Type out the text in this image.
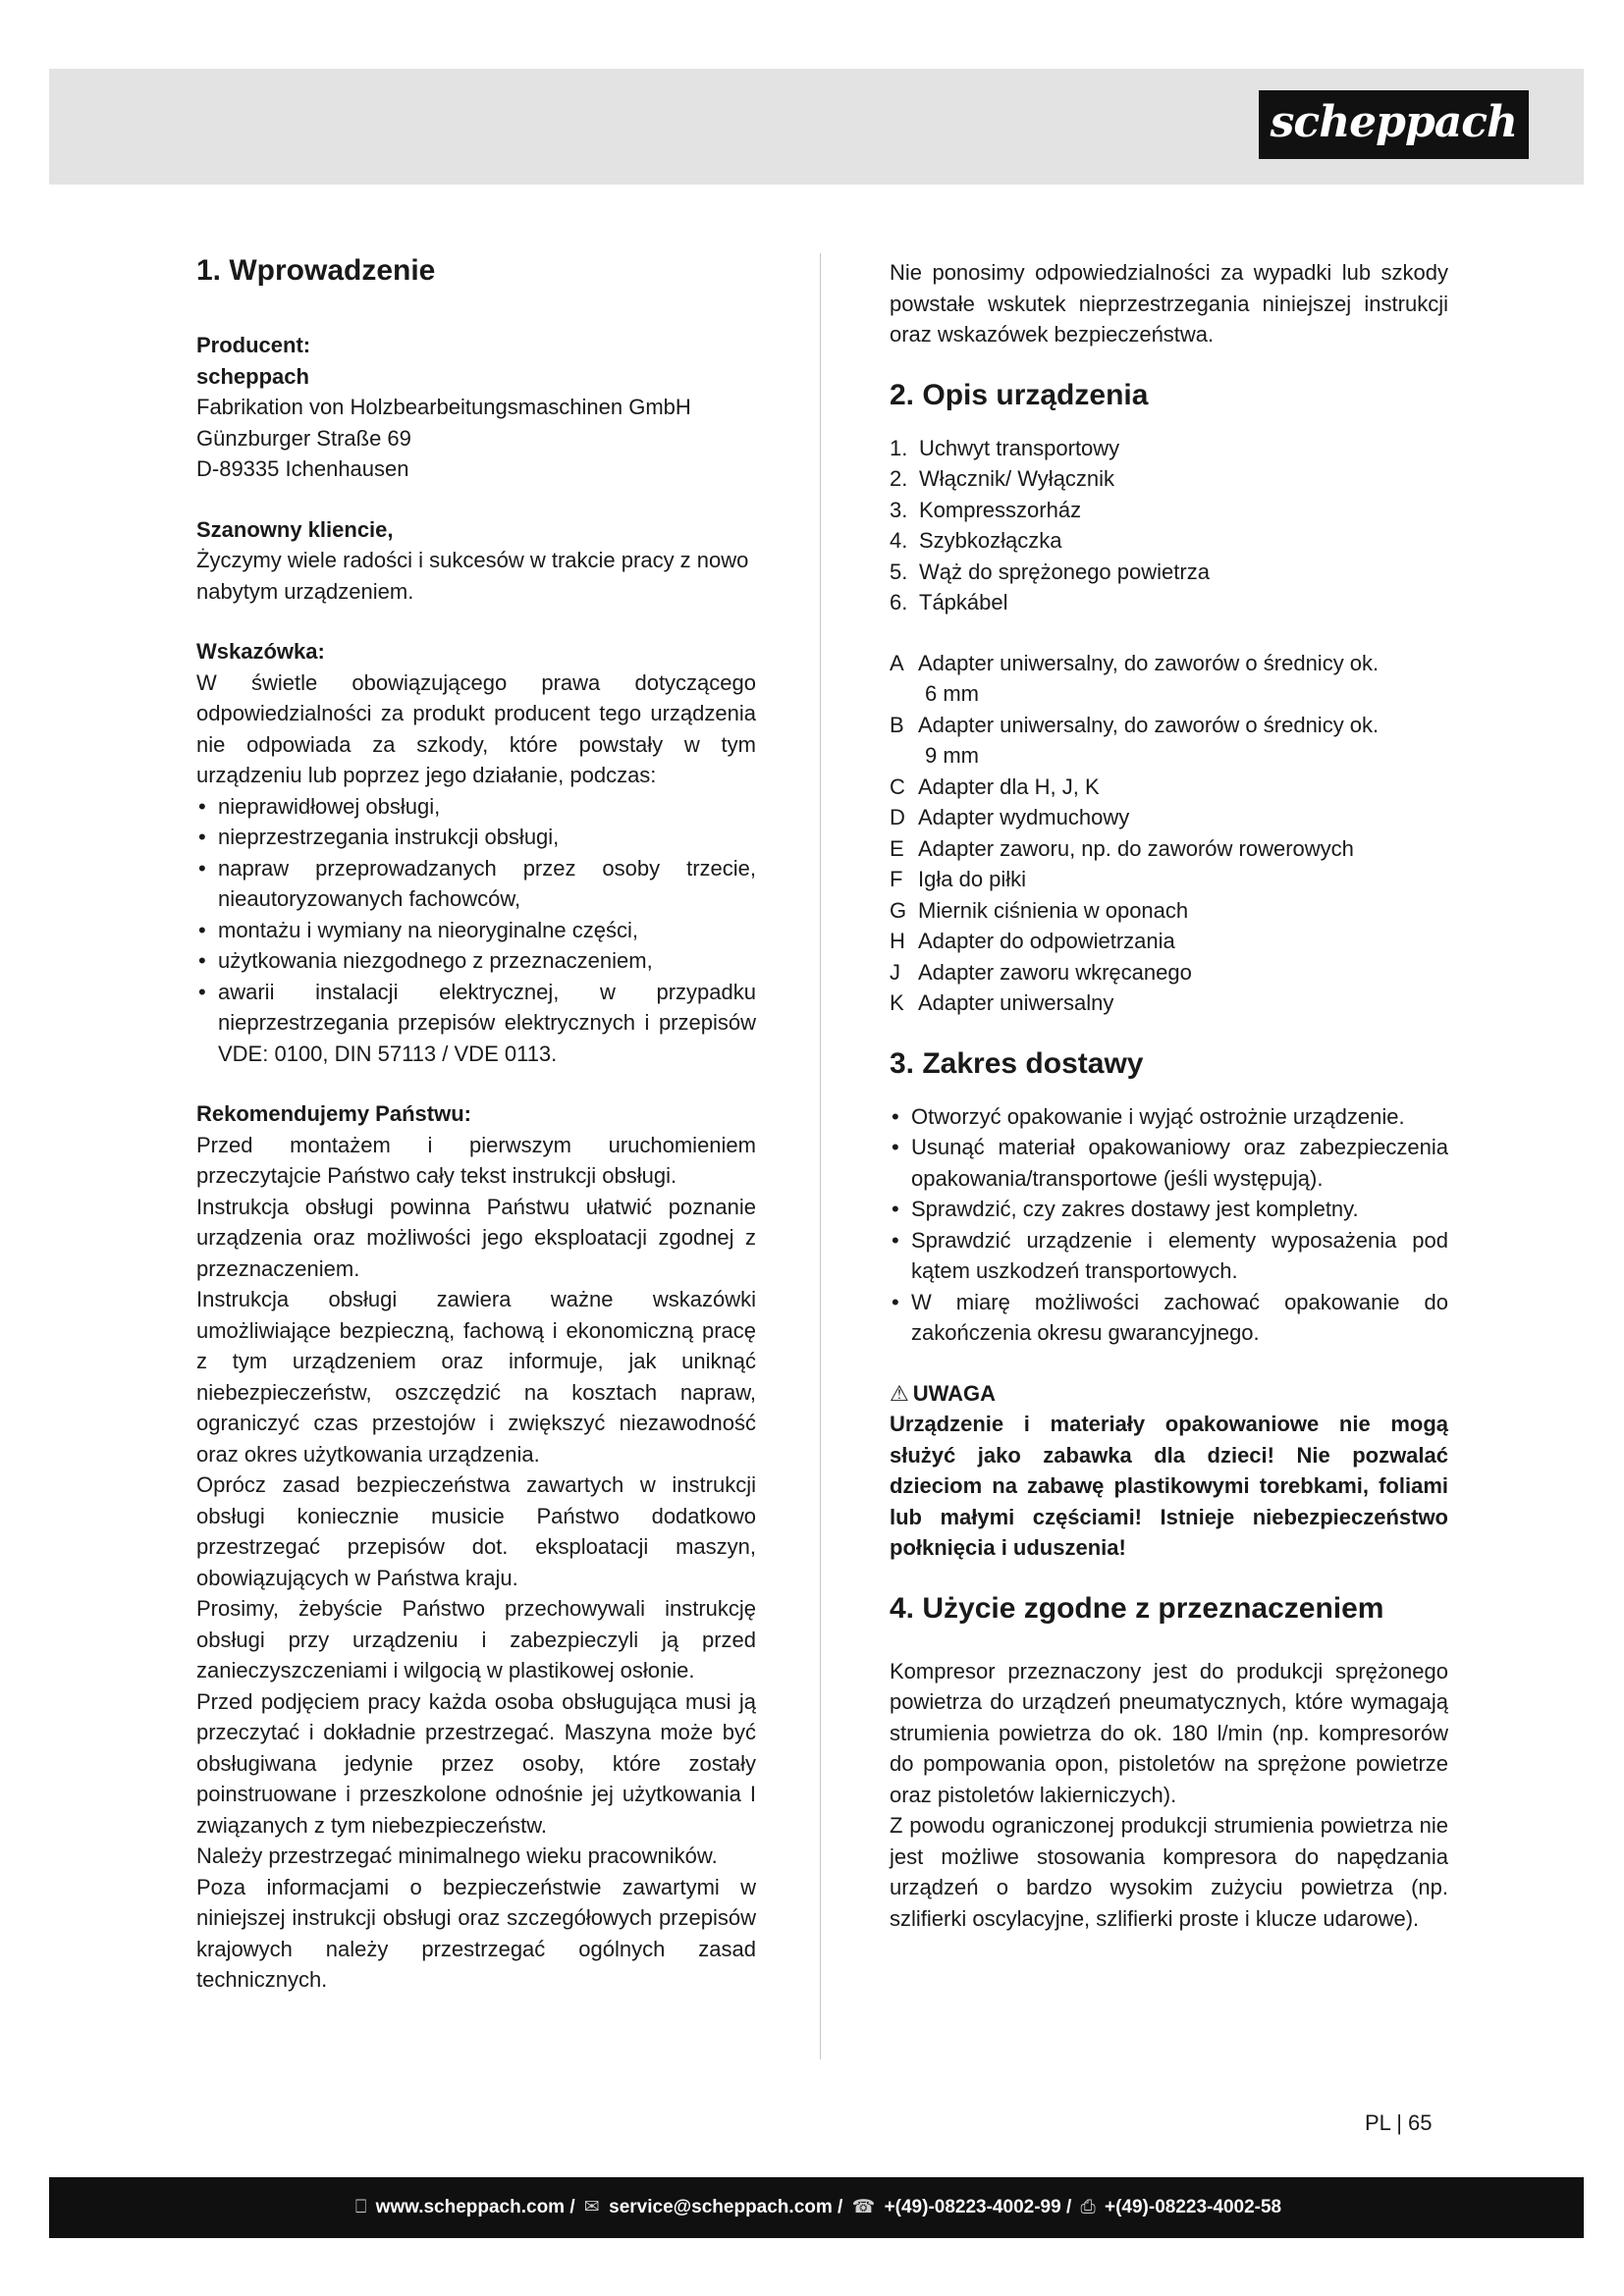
scheppach
1. Wprowadzenie

Producent:

scheppach

Fabrikation von Holzbearbeitungsmaschinen GmbH

Günzburger Straße 69

D-89335 Ichenhausen

Szanowny kliencie,

Życzymy wiele radości i sukcesów w trakcie pracy z nowo nabytym urządzeniem.

Wskazówka:

W świetle obowiązującego prawa dotyczącego odpowiedzialności za produkt producent tego urządzenia nie odpowiada za szkody, które powstały w tym urządzeniu lub poprzez jego działanie, podczas:

• nieprawidłowej obsługi,
• nieprzestrzegania instrukcji obsługi,
• napraw przeprowadzanych przez osoby trzecie, nieautoryzowanych fachowców,
• montażu i wymiany na nieoryginalne części,
• użytkowania niezgodnego z przeznaczeniem,
• awarii instalacji elektrycznej, w przypadku nieprzestrzegania przepisów elektrycznych i przepisów VDE: 0100, DIN 57113 / VDE 0113.

Rekomendujemy Państwu:

Przed montażem i pierwszym uruchomieniem przeczytajcie Państwo cały tekst instrukcji obsługi.

Instrukcja obsługi powinna Państwu ułatwić poznanie urządzenia oraz możliwości jego eksploatacji zgodnej z przeznaczeniem.

Instrukcja obsługi zawiera ważne wskazówki umożliwiające bezpieczną, fachową i ekonomiczną pracę z tym urządzeniem oraz informuje, jak uniknąć niebezpieczeństw, oszczędzić na kosztach napraw, ograniczyć czas przestojów i zwiększyć niezawodność oraz okres użytkowania urządzenia.

Oprócz zasad bezpieczeństwa zawartych w instrukcji obsługi koniecznie musicie Państwo dodatkowo przestrzegać przepisów dot. eksploatacji maszyn, obowiązujących w Państwa kraju.

Prosimy, żebyście Państwo przechowywali instrukcję obsługi przy urządzeniu i zabezpieczyli ją przed zanieczyszczeniami i wilgocią w plastikowej osłonie.

Przed podjęciem pracy każda osoba obsługująca musi ją przeczytać i dokładnie przestrzegać. Maszyna może być obsługiwana jedynie przez osoby, które zostały poinstruowane i przeszkolone odnośnie jej użytkowania I związanych z tym niebezpieczeństw.

Należy przestrzegać minimalnego wieku pracowników.

Poza informacjami o bezpieczeństwie zawartymi w niniejszej instrukcji obsługi oraz szczegółowych przepisów krajowych należy przestrzegać ogólnych zasad technicznych.

Nie ponosimy odpowiedzialności za wypadki lub szkody powstałe wskutek nieprzestrzegania niniejszej instrukcji oraz wskazówek bezpieczeństwa.

2. Opis urządzenia
1. Uchwyt transportowy
2. Włącznik/ Wyłącznik
3. Kompresszorház
4. Szybkozłączka
5. Wąż do sprężonego powietrza
6. Tápkábel
A Adapter uniwersalny, do zaworów o średnicy ok.
6 mm
B Adapter uniwersalny, do zaworów o średnicy ok.
9 mm
C Adapter dla H, J, K
D Adapter wydmuchowy
E Adapter zaworu, np. do zaworów rowerowych
F Igła do piłki
G Miernik ciśnienia w oponach
H Adapter do odpowietrzania
J Adapter zaworu wkręcanego
K Adapter uniwersalny
3. Zakres dostawy
• Otworzyć opakowanie i wyjąć ostrożnie urządzenie.
• Usunąć materiał opakowaniowy oraz zabezpieczenia opakowania/transportowe (jeśli występują).
• Sprawdzić, czy zakres dostawy jest kompletny.
• Sprawdzić urządzenie i elementy wyposażenia pod kątem uszkodzeń transportowych.
• W miarę możliwości zachować opakowanie do zakończenia okresu gwarancyjnego.

⚠ UWAGA

Urządzenie i materiały opakowaniowe nie mogą służyć jako zabawka dla dzieci! Nie pozwalać dzieciom na zabawę plastikowymi torebkami, foliami lub małymi częściami! Istnieje niebezpieczeństwo połknięcia i uduszenia!

4. Użycie zgodne z przeznaczeniem

Kompresor przeznaczony jest do produkcji sprężonego powietrza do urządzeń pneumatycznych, które wymagają strumienia powietrza do ok. 180 l/min (np. kompresorów do pompowania opon, pistoletów na sprężone powietrze oraz pistoletów lakierniczych).

Z powodu ograniczonej produkcji strumienia powietrza nie jest możliwe stosowania kompresora do napędzania urządzeń o bardzo wysokim zużyciu powietrza (np. szlifierki oscylacyjne, szlifierki proste i klucze udarowe).

PL | 65
⎕ www.scheppach.com / ✉ service@scheppach.com / ☎ +(49)-08223-4002-99 / ⎙ +(49)-08223-4002-58
